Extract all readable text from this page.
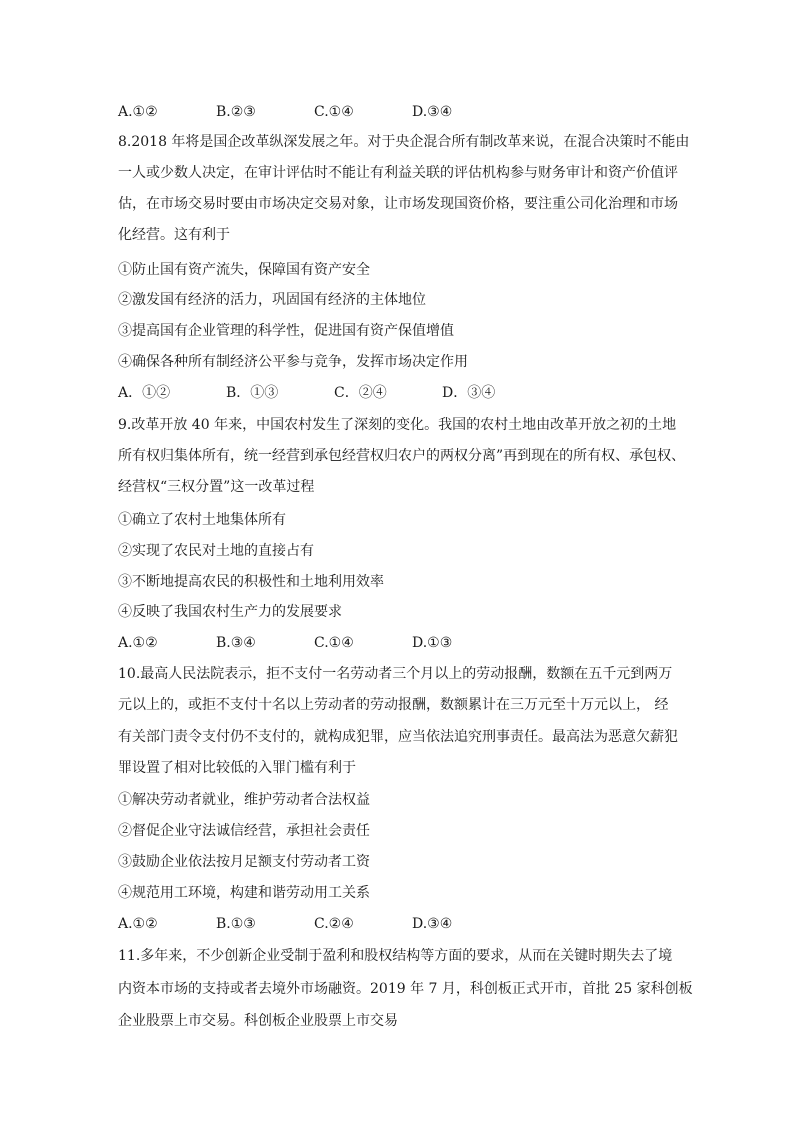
A.①②	B.②③	C.①④	D.③④
8.2018 年将是国企改革纵深发展之年。对于央企混合所有制改革来说，在混合决策时不能由
一人或少数人决定，在审计评估时不能让有利益关联的评估机构参与财务审计和资产价值评
估，在市场交易时要由市场决定交易对象，让市场发现国资价格，要注重公司化治理和市场
化经营。这有利于
①防止国有资产流失，保障国有资产安全
②激发国有经济的活力，巩固国有经济的主体地位
③提高国有企业管理的科学性，促进国有资产保值增值
④确保各种所有制经济公平参与竞争，发挥市场决定作用
A．①②	B．①③	C．②④	D．③④
9.改革开放 40 年来，中国农村发生了深刻的变化。我国的农村土地由改革开放之初的土地
所有权归集体所有，统一经营到承包经营权归农户的两权分离”再到现在的所有权、承包权、
经营权“三权分置”这一改革过程
①确立了农村土地集体所有
②实现了农民对土地的直接占有
③不断地提高农民的积极性和土地利用效率
④反映了我国农村生产力的发展要求
A.①②	B.③④	C.①④	D.①③
10.最高人民法院表示，拒不支付一名劳动者三个月以上的劳动报酬，数额在五千元到两万
元以上的，或拒不支付十名以上劳动者的劳动报酬，数额累计在三万元至十万元以上， 经
有关部门责令支付仍不支付的，就构成犯罪，应当依法追究刑事责任。最高法为恶意欠薪犯
罪设置了相对比较低的入罪门槛有利于
①解决劳动者就业，维护劳动者合法权益
②督促企业守法诚信经营，承担社会责任
③鼓励企业依法按月足额支付劳动者工资
④规范用工环境，构建和谐劳动用工关系
A.①②	B.①③	C.②④	D.③④
11.多年来，不少创新企业受制于盈利和股权结构等方面的要求，从而在关键时期失去了境
内资本市场的支持或者去境外市场融资。2019 年 7 月，科创板正式开市，首批 25 家科创板
企业股票上市交易。科创板企业股票上市交易
